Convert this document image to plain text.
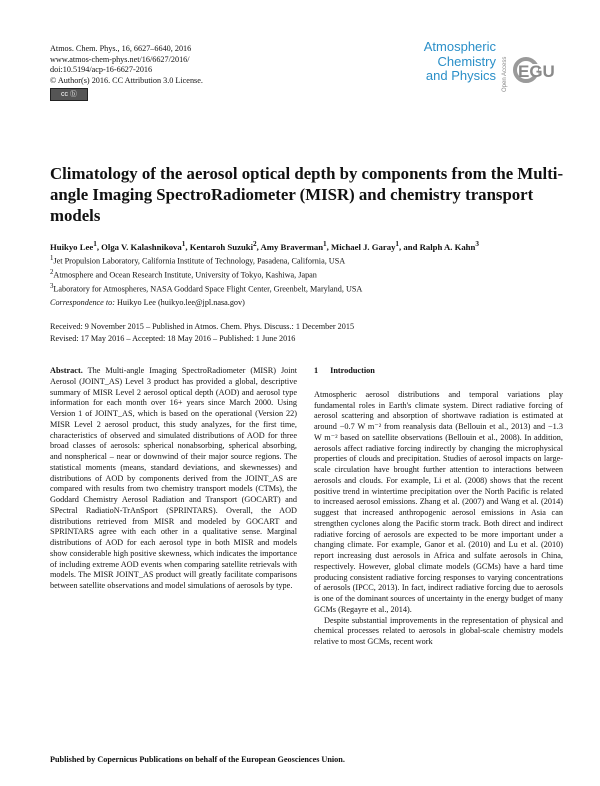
Atmos. Chem. Phys., 16, 6627–6640, 2016
www.atmos-chem-phys.net/16/6627/2016/
doi:10.5194/acp-16-6627-2016
© Author(s) 2016. CC Attribution 3.0 License.
cc ⓑ
Atmospheric
Chemistry
and Physics Open Access EGU
Climatology of the aerosol optical depth by components from the Multi-angle Imaging SpectroRadiometer (MISR) and chemistry transport models
Huikyo Lee$^1$, Olga V. Kalashnikova$^1$, Kentaroh Suzuki$^2$, Amy Braverman$^1$, Michael J. Garay$^1$, and Ralph A. Kahn$^3$
$^1$Jet Propulsion Laboratory, California Institute of Technology, Pasadena, California, USA
$^2$Atmosphere and Ocean Research Institute, University of Tokyo, Kashiwa, Japan
$^3$Laboratory for Atmospheres, NASA Goddard Space Flight Center, Greenbelt, Maryland, USA
Correspondence to: Huikyo Lee (huikyo.lee@jpl.nasa.gov)
Received: 9 November 2015 – Published in Atmos. Chem. Phys. Discuss.: 1 December 2015
Revised: 17 May 2016 – Accepted: 18 May 2016 – Published: 1 June 2016

Abstract. The Multi-angle Imaging SpectroRadiometer (MISR) Joint Aerosol (JOINT_AS) Level 3 product has provided a global, descriptive summary of MISR Level 2 aerosol optical depth (AOD) and aerosol type information for each month over 16+ years since March 2000. Using Version 1 of JOINT_AS, which is based on the operational (Version 22) MISR Level 2 aerosol product, this study analyzes, for the first time, characteristics of observed and simulated distributions of AOD for three broad classes of aerosols: spherical nonabsorbing, spherical absorbing, and nonspherical – near or downwind of their major source regions. The statistical moments (means, standard deviations, and skewnesses) and distributions of AOD by components derived from the JOINT_AS are compared with results from two chemistry transport models (CTMs), the Goddard Chemistry Aerosol Radiation and Transport (GOCART) and SPectral RadiatioN-TrAnSport (SPRINTARS). Overall, the AOD distributions retrieved from MISR and modeled by GOCART and SPRINTARS agree with each other in a qualitative sense. Marginal distributions of AOD for each aerosol type in both MISR and models show considerable high positive skewness, which indicates the importance of including extreme AOD events when comparing satellite retrievals with models. The MISR JOINT_AS product will greatly facilitate comparisons between satellite observations and model simulations of aerosols by type.

1 Introduction

Atmospheric aerosol distributions and temporal variations play fundamental roles in Earth's climate system. Direct radiative forcing of aerosol scattering and absorption of shortwave radiation is estimated at around −0.7 W m⁻² from reanalysis data (Bellouin et al., 2013) and −1.3 W m⁻² based on satellite observations (Bellouin et al., 2008). In addition, aerosols affect radiative forcing indirectly by changing the microphysical properties of clouds and precipitation. Studies of aerosol impacts on large-scale circulation have brought further attention to interactions between aerosols and clouds. For example, Li et al. (2008) shows that the recent positive trend in wintertime precipitation over the North Pacific is related to increased aerosol emissions. Zhang et al. (2007) and Wang et al. (2014) suggest that increased anthropogenic aerosol emissions in Asia can strengthen cyclones along the Pacific storm track. Both direct and indirect radiative forcing of aerosols are expected to be more important under a changing climate. For example, Ganor et al. (2010) and Lu et al. (2010) report increasing dust aerosols in Africa and sulfate aerosols in China, respectively. However, global climate models (GCMs) have a hard time producing consistent radiative forcing responses to varying concentrations of aerosols (IPCC, 2013). In fact, indirect radiative forcing due to aerosols is one of the dominant sources of uncertainty in the energy budget of many GCMs (Regayre et al., 2014).

Despite substantial improvements in the representation of physical and chemical processes related to aerosols in global-scale chemistry models relative to most GCMs, recent work

Published by Copernicus Publications on behalf of the European Geosciences Union.
